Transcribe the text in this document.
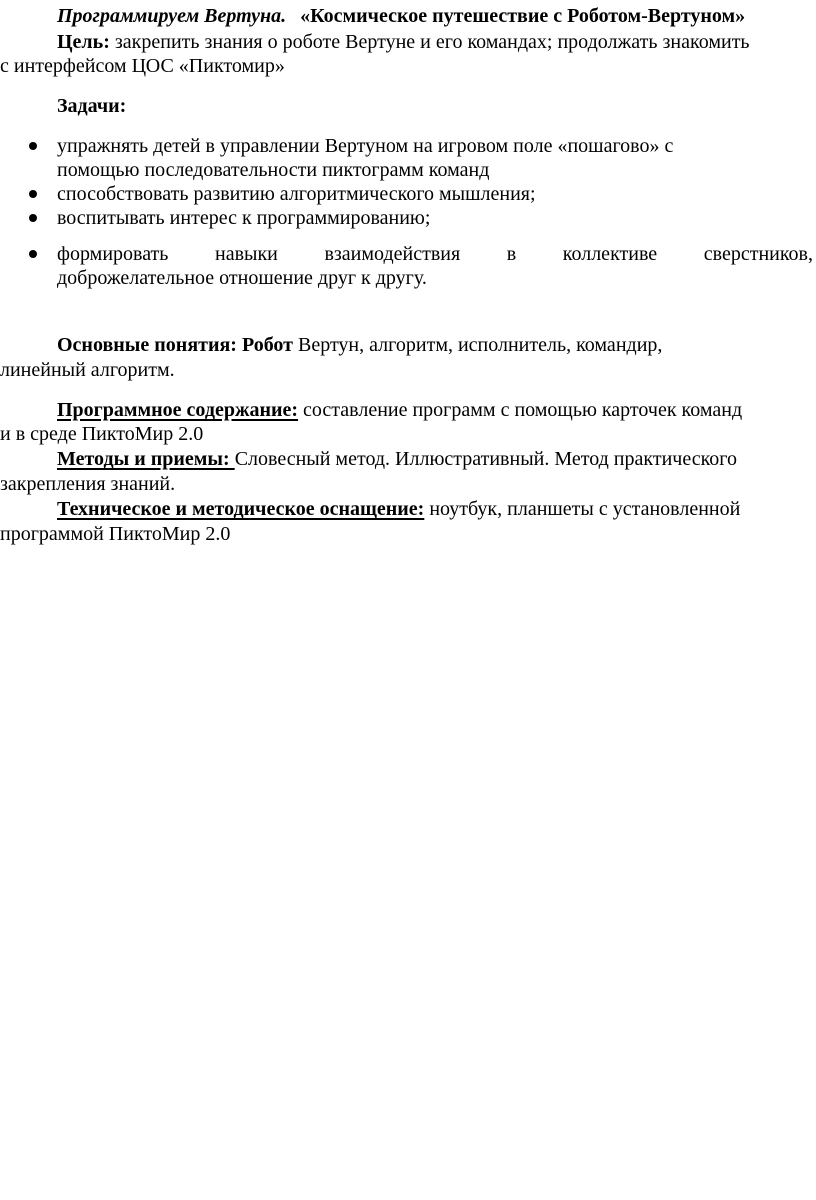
Программируем Вертуна. «Космическое путешествие с Роботом-Вертуном»
Цель: закрепить знания о роботе Вертуне и его командах; продолжать знакомить
с интерфейсом ЦОС «Пиктомир»
Задачи:
упражнять детей в управлении Вертуном на игровом поле «пошагово» с
помощью последовательности пиктограмм команд
способствовать развитию алгоритмического мышления;
воспитывать интерес к программированию;
формировать навыки взаимодействия в коллективе сверстников,
доброжелательное отношение друг к другу.
Основные понятия: Робот Вертун, алгоритм, исполнитель, командир,
линейный алгоритм.
Программное содержание: составление программ с помощью карточек команд
и в среде ПиктоМир 2.0
Методы и приемы: Словесный метод. Иллюстративный. Метод практического
закрепления знаний.
Техническое и методическое оснащение: ноутбук, планшеты с установленной
программой ПиктоМир 2.0
